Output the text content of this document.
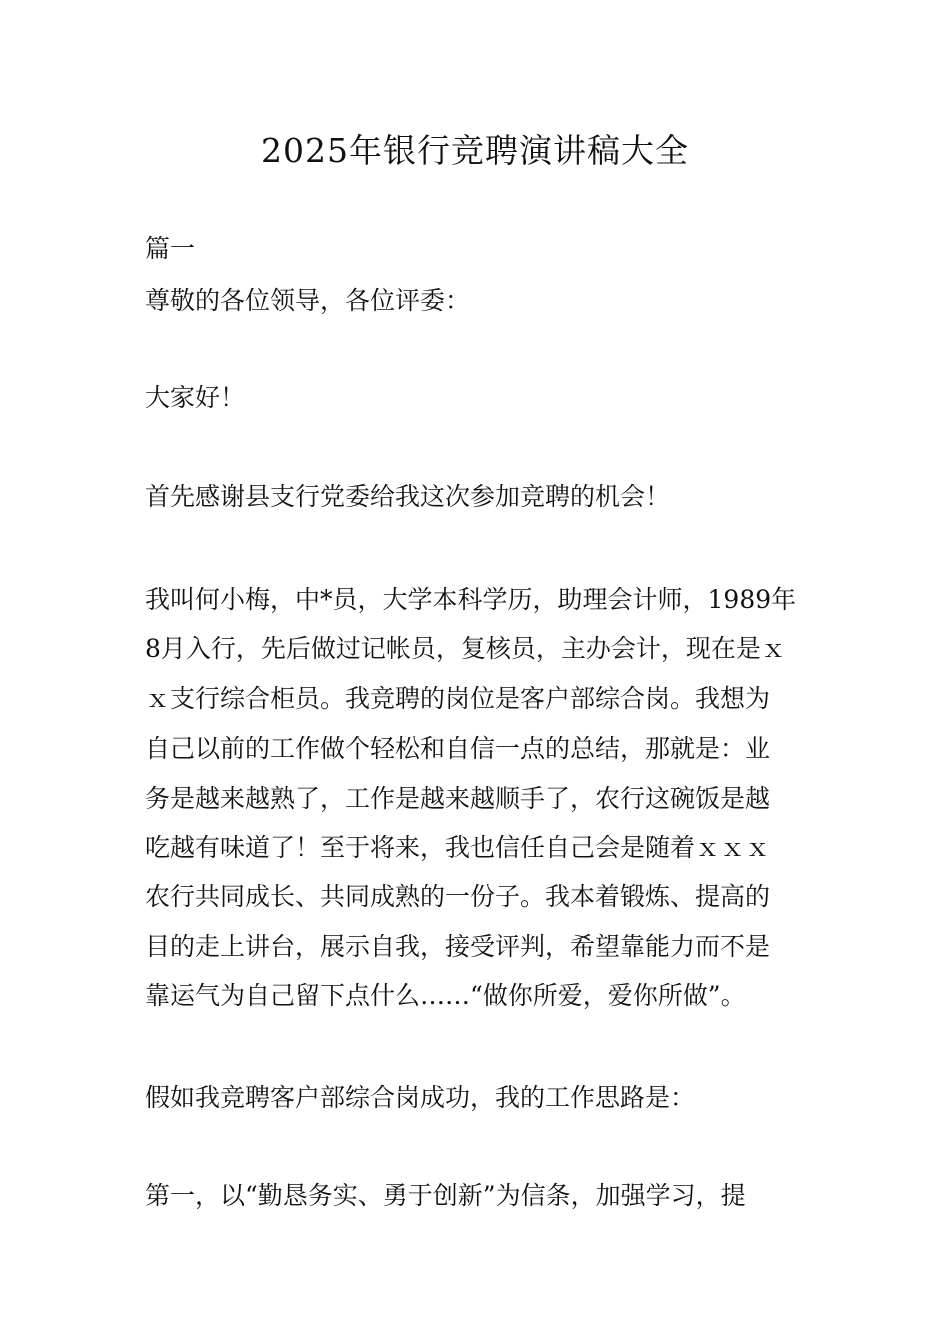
2025年银行竞聘演讲稿大全
篇一
尊敬的各位领导，各位评委：
大家好！
首先感谢县支行党委给我这次参加竞聘的机会！
我叫何小梅，中*员，大学本科学历，助理会计师，1989年
8月入行，先后做过记帐员，复核员，主办会计，现在是ｘ
ｘ支行综合柜员。我竞聘的岗位是客户部综合岗。我想为
自己以前的工作做个轻松和自信一点的总结，那就是：业
务是越来越熟了，工作是越来越顺手了，农行这碗饭是越
吃越有味道了！至于将来，我也信任自己会是随着ｘｘｘ
农行共同成长、共同成熟的一份子。我本着锻炼、提高的
目的走上讲台，展示自我，接受评判，希望靠能力而不是
靠运气为自己留下点什么……“做你所爱，爱你所做”。
假如我竞聘客户部综合岗成功，我的工作思路是：
第一，以“勤恳务实、勇于创新”为信条，加强学习，提
